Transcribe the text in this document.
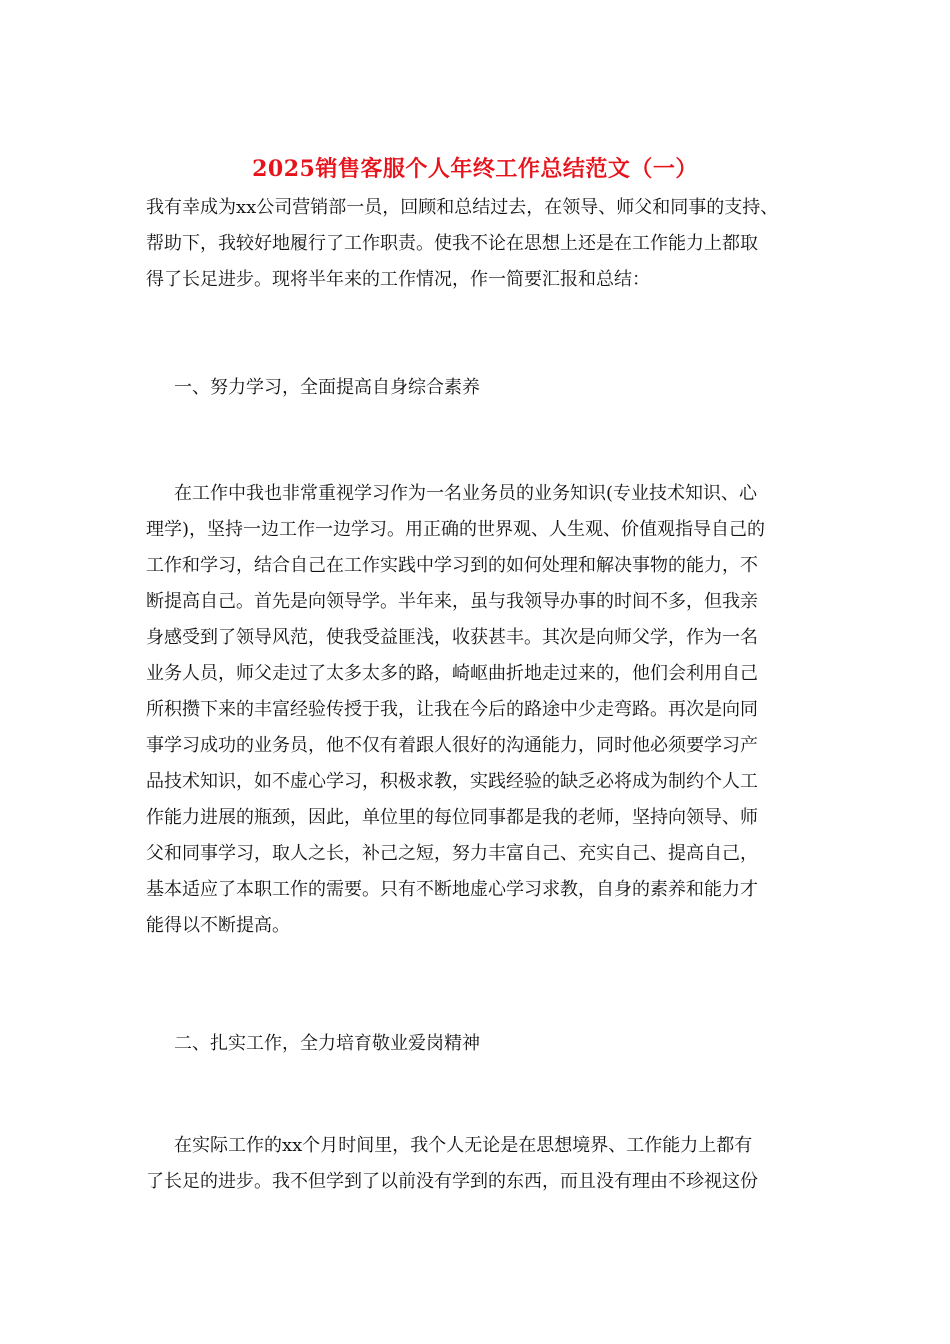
2025销售客服个人年终工作总结范文（一）
我有幸成为xx公司营销部一员，回顾和总结过去，在领导、师父和同事的支持、
帮助下，我较好地履行了工作职责。使我不论在思想上还是在工作能力上都取
得了长足进步。现将半年来的工作情况，作一简要汇报和总结：
一、努力学习，全面提高自身综合素养
在工作中我也非常重视学习作为一名业务员的业务知识(专业技术知识、心
理学)，坚持一边工作一边学习。用正确的世界观、人生观、价值观指导自己的
工作和学习，结合自己在工作实践中学习到的如何处理和解决事物的能力，不
断提高自己。首先是向领导学。半年来，虽与我领导办事的时间不多，但我亲
身感受到了领导风范，使我受益匪浅，收获甚丰。其次是向师父学，作为一名
业务人员，师父走过了太多太多的路，崎岖曲折地走过来的，他们会利用自己
所积攒下来的丰富经验传授于我，让我在今后的路途中少走弯路。再次是向同
事学习成功的业务员，他不仅有着跟人很好的沟通能力，同时他必须要学习产
品技术知识，如不虚心学习，积极求教，实践经验的缺乏必将成为制约个人工
作能力进展的瓶颈，因此，单位里的每位同事都是我的老师，坚持向领导、师
父和同事学习，取人之长，补己之短，努力丰富自己、充实自己、提高自己，
基本适应了本职工作的需要。只有不断地虚心学习求教，自身的素养和能力才
能得以不断提高。
二、扎实工作，全力培育敬业爱岗精神
在实际工作的xx个月时间里，我个人无论是在思想境界、工作能力上都有
了长足的进步。我不但学到了以前没有学到的东西，而且没有理由不珍视这份
